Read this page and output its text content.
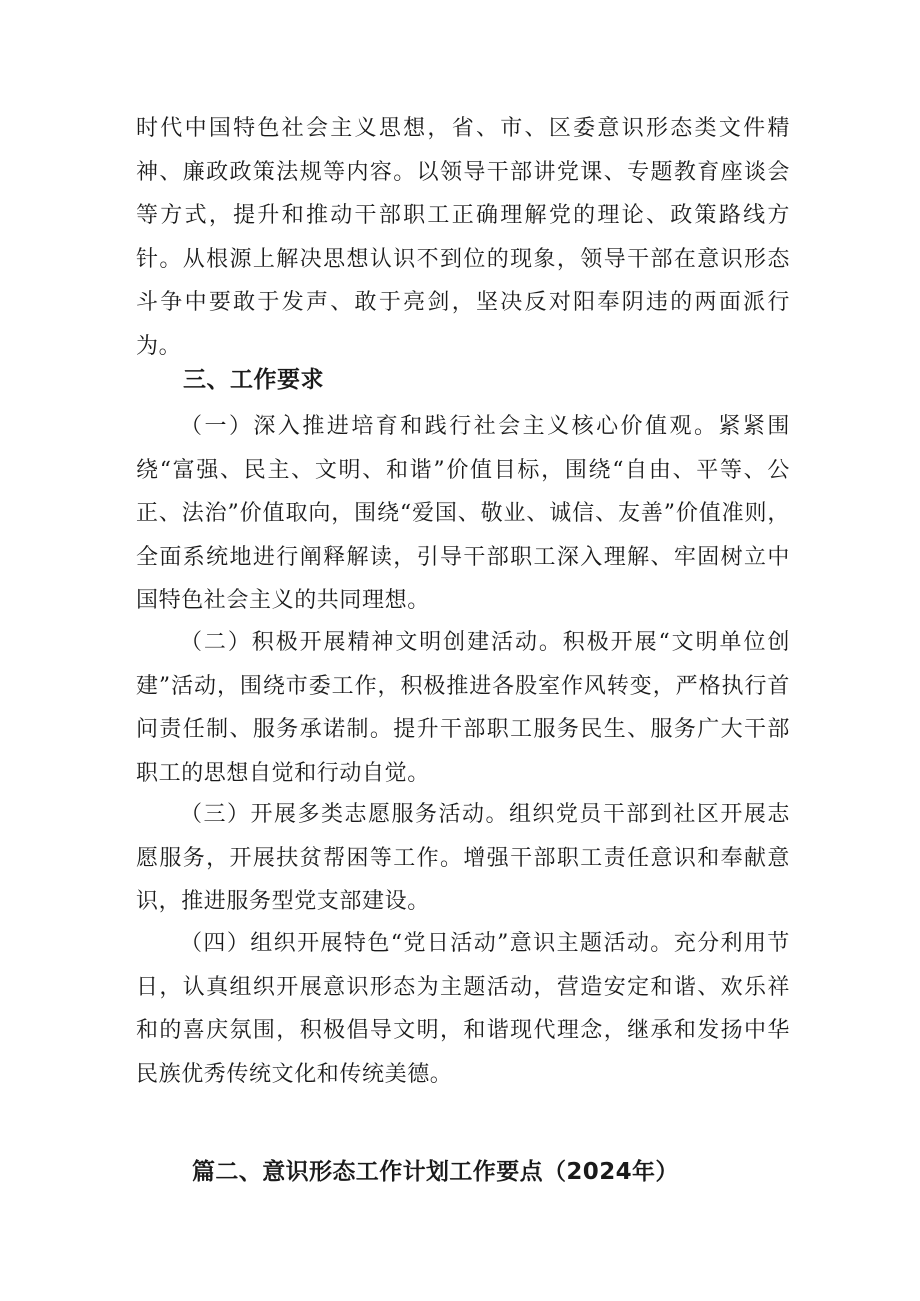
时代中国特色社会主义思想，省、市、区委意识形态类文件精神、廉政政策法规等内容。以领导干部讲党课、专题教育座谈会等方式，提升和推动干部职工正确理解党的理论、政策路线方针。从根源上解决思想认识不到位的现象，领导干部在意识形态斗争中要敢于发声、敢于亮剑，坚决反对阳奉阴违的两面派行为。

三、工作要求

（一）深入推进培育和践行社会主义核心价值观。紧紧围绕“富强、民主、文明、和谐”价值目标，围绕“自由、平等、公正、法治”价值取向，围绕“爱国、敬业、诚信、友善”价值准则，全面系统地进行阐释解读，引导干部职工深入理解、牢固树立中国特色社会主义的共同理想。

（二）积极开展精神文明创建活动。积极开展“文明单位创建”活动，围绕市委工作，积极推进各股室作风转变，严格执行首问责任制、服务承诺制。提升干部职工服务民生、服务广大干部职工的思想自觉和行动自觉。

（三）开展多类志愿服务活动。组织党员干部到社区开展志愿服务，开展扶贫帮困等工作。增强干部职工责任意识和奉献意识，推进服务型党支部建设。

（四）组织开展特色“党日活动”意识主题活动。充分利用节日，认真组织开展意识形态为主题活动，营造安定和谐、欢乐祥和的喜庆氛围，积极倡导文明，和谐现代理念，继承和发扬中华民族优秀传统文化和传统美德。

篇二、意识形态工作计划工作要点（2024年）
